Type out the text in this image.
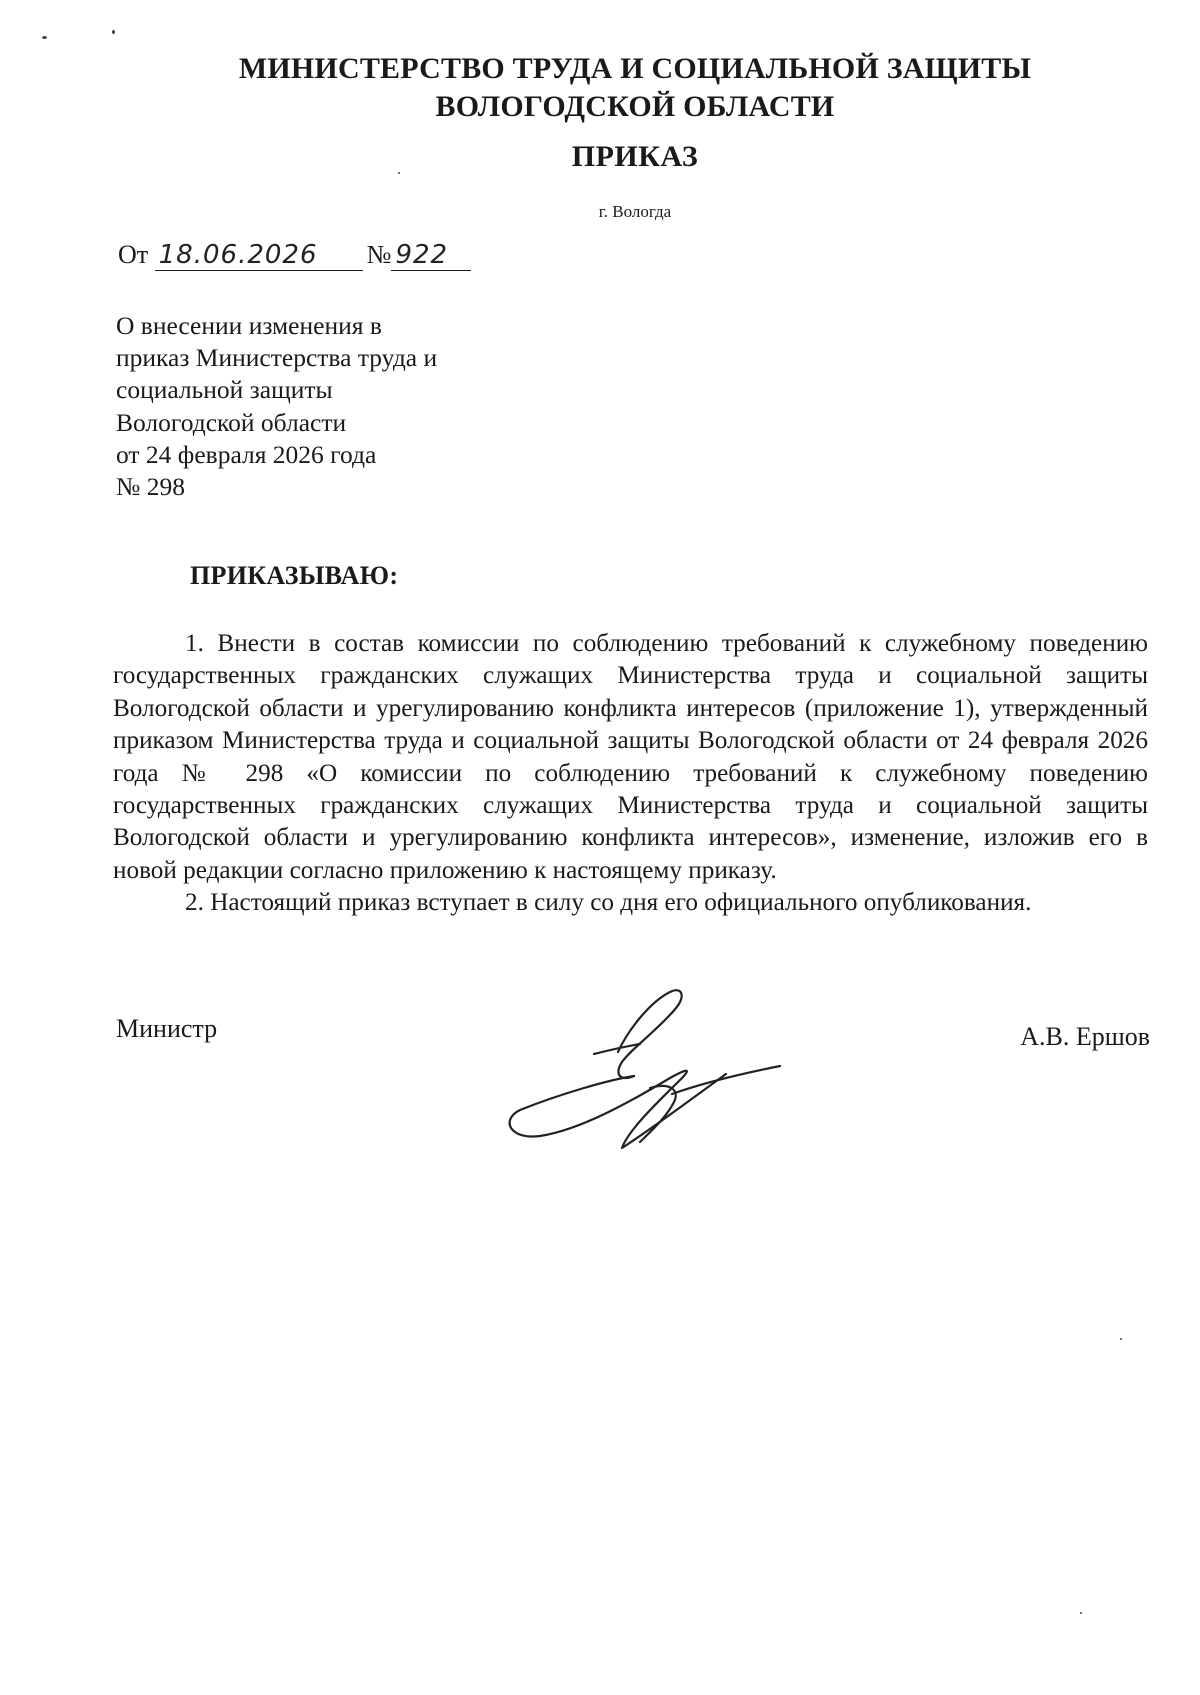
МИНИСТЕРСТВО ТРУДА И СОЦИАЛЬНОЙ ЗАЩИТЫ
ВОЛОГОДСКОЙ ОБЛАСТИ
ПРИКАЗ
г. Вологда
От 18.06.2026 № 922
О внесении изменения в
приказ Министерства труда и
социальной защиты
Вологодской области
от 24 февраля 2026 года
№ 298
ПРИКАЗЫВАЮ:

1. Внести в состав комиссии по соблюдению требований к служебному поведению государственных гражданских служащих Министерства труда и социальной защиты Вологодской области и урегулированию конфликта интересов (приложение 1), утвержденный приказом Министерства труда и социальной защиты Вологодской области от 24 февраля 2026 года № 298 «О комиссии по соблюдению требований к служебному поведению государственных гражданских служащих Министерства труда и социальной защиты Вологодской области и урегулированию конфликта интересов», изменение, изложив его в новой редакции согласно приложению к настоящему приказу.

2. Настоящий приказ вступает в силу со дня его официального опубликования.

Министр	А.В. Ершов
